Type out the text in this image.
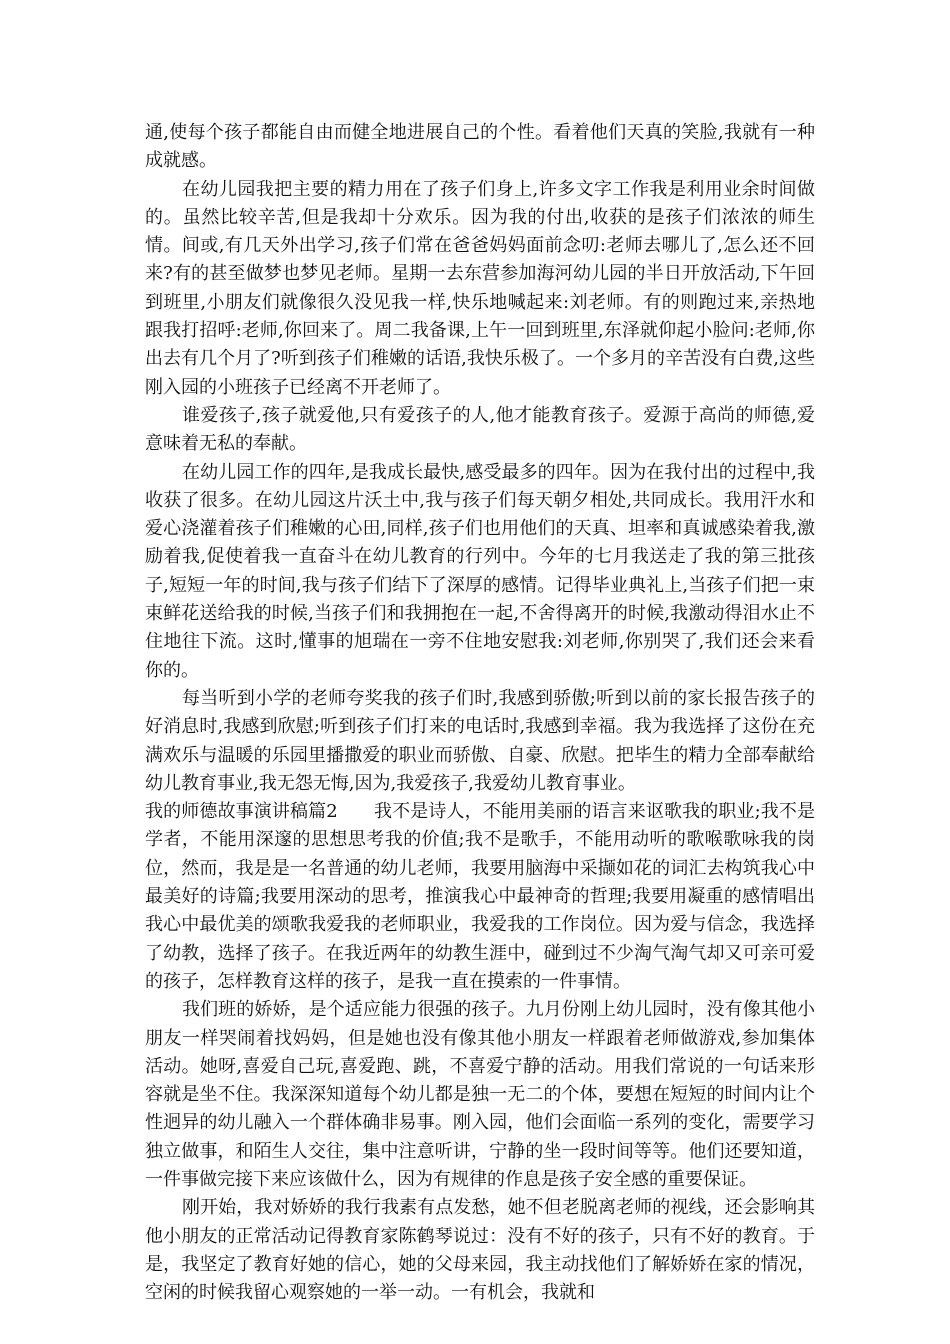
通,使每个孩子都能自由而健全地进展自己的个性。看着他们天真的笑脸,我就有一种成就感。

在幼儿园我把主要的精力用在了孩子们身上,许多文字工作我是利用业余时间做的。虽然比较辛苦,但是我却十分欢乐。因为我的付出,收获的是孩子们浓浓的师生情。间或,有几天外出学习,孩子们常在爸爸妈妈面前念叨:老师去哪儿了,怎么还不回来?有的甚至做梦也梦见老师。星期一去东营参加海河幼儿园的半日开放活动,下午回到班里,小朋友们就像很久没见我一样,快乐地喊起来:刘老师。有的则跑过来,亲热地跟我打招呼:老师,你回来了。周二我备课,上午一回到班里,东泽就仰起小脸问:老师,你出去有几个月了?听到孩子们稚嫩的话语,我快乐极了。一个多月的辛苦没有白费,这些刚入园的小班孩子已经离不开老师了。

谁爱孩子,孩子就爱他,只有爱孩子的人,他才能教育孩子。爱源于高尚的师德,爱意味着无私的奉献。

在幼儿园工作的四年,是我成长最快,感受最多的四年。因为在我付出的过程中,我收获了很多。在幼儿园这片沃土中,我与孩子们每天朝夕相处,共同成长。我用汗水和爱心浇灌着孩子们稚嫩的心田,同样,孩子们也用他们的天真、坦率和真诚感染着我,激励着我,促使着我一直奋斗在幼儿教育的行列中。今年的七月我送走了我的第三批孩子,短短一年的时间,我与孩子们结下了深厚的感情。记得毕业典礼上,当孩子们把一束束鲜花送给我的时候,当孩子们和我拥抱在一起,不舍得离开的时候,我激动得泪水止不住地往下流。这时,懂事的旭瑞在一旁不住地安慰我:刘老师,你别哭了,我们还会来看你的。

每当听到小学的老师夸奖我的孩子们时,我感到骄傲;听到以前的家长报告孩子的好消息时,我感到欣慰;听到孩子们打来的电话时,我感到幸福。我为我选择了这份在充满欢乐与温暖的乐园里播撒爱的职业而骄傲、自豪、欣慰。把毕生的精力全部奉献给幼儿教育事业,我无怨无悔,因为,我爱孩子,我爱幼儿教育事业。

我的师德故事演讲稿篇2　　我不是诗人，不能用美丽的语言来讴歌我的职业;我不是学者，不能用深邃的思想思考我的价值;我不是歌手，不能用动听的歌喉歌咏我的岗位，然而，我是是一名普通的幼儿老师，我要用脑海中采撷如花的词汇去构筑我心中最美好的诗篇;我要用深动的思考，推演我心中最神奇的哲理;我要用凝重的感情唱出我心中最优美的颂歌我爱我的老师职业，我爱我的工作岗位。因为爱与信念，我选择了幼教，选择了孩子。在我近两年的幼教生涯中，碰到过不少淘气淘气却又可亲可爱的孩子，怎样教育这样的孩子，是我一直在摸索的一件事情。

我们班的娇娇，是个适应能力很强的孩子。九月份刚上幼儿园时，没有像其他小朋友一样哭闹着找妈妈，但是她也没有像其他小朋友一样跟着老师做游戏,参加集体活动。她呀,喜爱自己玩,喜爱跑、跳，不喜爱宁静的活动。用我们常说的一句话来形容就是坐不住。我深深知道每个幼儿都是独一无二的个体，要想在短短的时间内让个性迥异的幼儿融入一个群体确非易事。刚入园，他们会面临一系列的变化，需要学习独立做事，和陌生人交往，集中注意听讲，宁静的坐一段时间等等。他们还要知道，一件事做完接下来应该做什么，因为有规律的作息是孩子安全感的重要保证。

刚开始，我对娇娇的我行我素有点发愁，她不但老脱离老师的视线，还会影响其他小朋友的正常活动记得教育家陈鹤琴说过：没有不好的孩子，只有不好的教育。于是，我坚定了教育好她的信心，她的父母来园，我主动找他们了解娇娇在家的情况，空闲的时候我留心观察她的一举一动。一有机会，我就和
